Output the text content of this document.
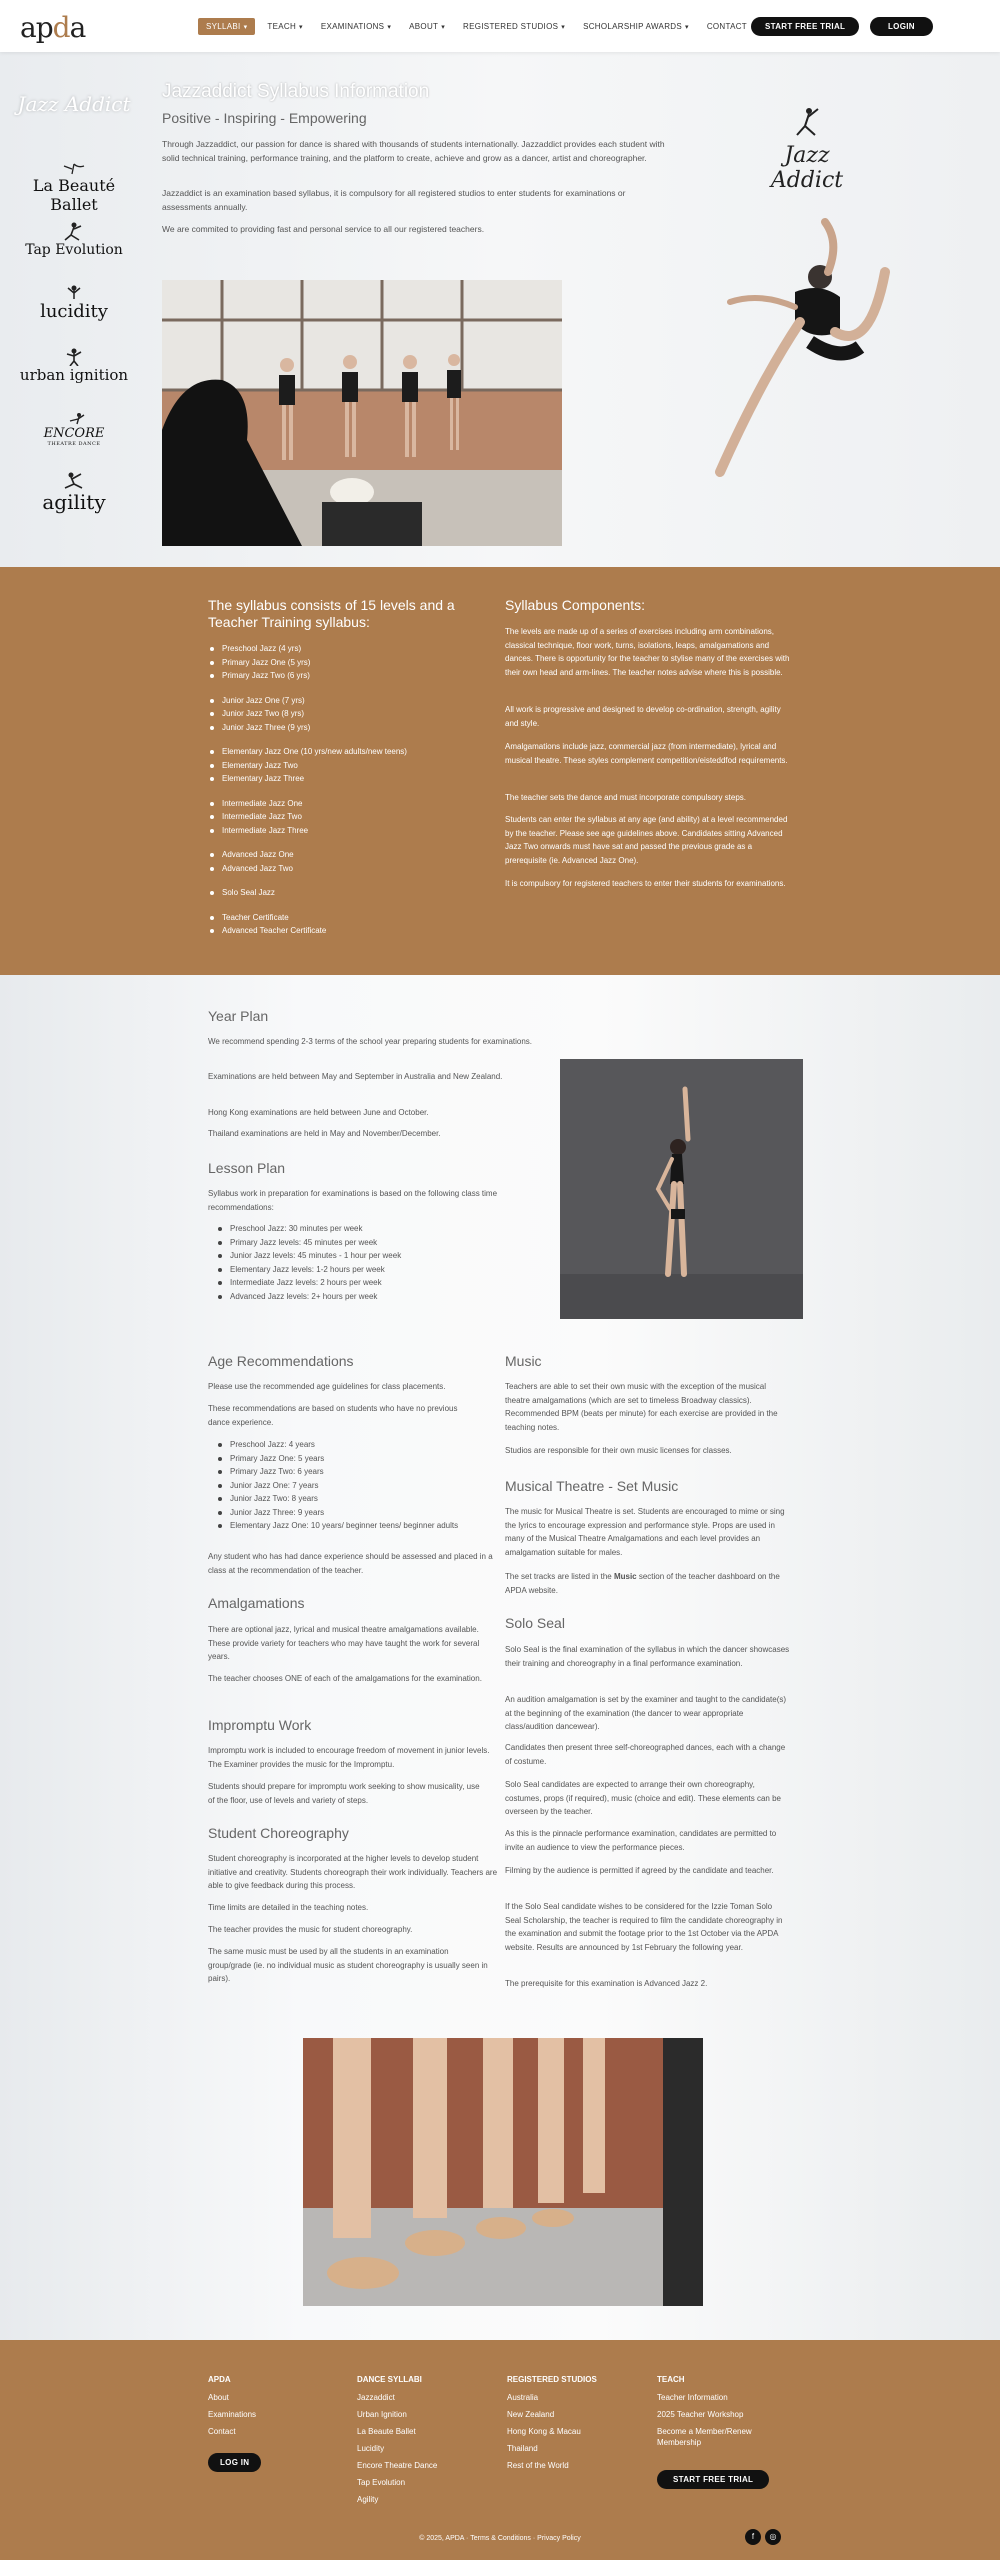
apda	SYLLABI ▾	TEACH ▾ EXAMINATIONS ▾ ABOUT ▾ REGISTERED STUDIOS ▾ SCHOLARSHIP AWARDS ▾ CONTACT	START FREE TRIAL	LOGIN
Jazz Addict
La Beauté Ballet
Tap Evolution
lucidity
urban ignition
ENCORE
THEATRE DANCE
agility
Jazzaddict Syllabus Information
Positive - Inspiring - Empowering

Through Jazzaddict, our passion for dance is shared with thousands of students internationally. Jazzaddict provides each student with solid technical training, performance training, and the platform to create, achieve and grow as a dancer, artist and choreographer.

Jazzaddict is an examination based syllabus, it is compulsory for all registered studios to enter students for examinations or assessments annually.

We are commited to providing fast and personal service to all our registered teachers.

Jazz Addict
The syllabus consists of 15 levels and a Teacher Training syllabus:
Preschool Jazz (4 yrs)
Primary Jazz One (5 yrs)
Primary Jazz Two (6 yrs)
Junior Jazz One (7 yrs)
Junior Jazz Two (8 yrs)
Junior Jazz Three (9 yrs)
Elementary Jazz One (10 yrs/new adults/new teens)
Elementary Jazz Two
Elementary Jazz Three
Intermediate Jazz One
Intermediate Jazz Two
Intermediate Jazz Three
Advanced Jazz One
Advanced Jazz Two
Solo Seal Jazz
Teacher Certificate
Advanced Teacher Certificate
Syllabus Components:

The levels are made up of a series of exercises including arm combinations, classical technique, floor work, turns, isolations, leaps, amalgamations and dances. There is opportunity for the teacher to stylise many of the exercises with their own head and arm-lines. The teacher notes advise where this is possible.

All work is progressive and designed to develop co-ordination, strength, agility and style.

Amalgamations include jazz, commercial jazz (from intermediate), lyrical and musical theatre. These styles complement competition/eisteddfod requirements.

The teacher sets the dance and must incorporate compulsory steps.

Students can enter the syllabus at any age (and ability) at a level recommended by the teacher. Please see age guidelines above. Candidates sitting Advanced Jazz Two onwards must have sat and passed the previous grade as a prerequisite (ie. Advanced Jazz One).

It is compulsory for registered teachers to enter their students for examinations.

Year Plan

We recommend spending 2-3 terms of the school year preparing students for examinations.

Examinations are held between May and September in Australia and New Zealand.

Hong Kong examinations are held between June and October.

Thailand examinations are held in May and November/December.

Lesson Plan

Syllabus work in preparation for examinations is based on the following class time recommendations:

Preschool Jazz: 30 minutes per week
Primary Jazz levels: 45 minutes per week
Junior Jazz levels: 45 minutes - 1 hour per week
Elementary Jazz levels: 1-2 hours per week
Intermediate Jazz levels: 2 hours per week
Advanced Jazz levels: 2+ hours per week
Age Recommendations

Please use the recommended age guidelines for class placements.

These recommendations are based on students who have no previous dance experience.

Preschool Jazz: 4 years
Primary Jazz One: 5 years
Primary Jazz Two: 6 years
Junior Jazz One: 7 years
Junior Jazz Two: 8 years
Junior Jazz Three: 9 years
Elementary Jazz One: 10 years/ beginner teens/ beginner adults

Any student who has had dance experience should be assessed and placed in a class at the recommendation of the teacher.

Amalgamations

There are optional jazz, lyrical and musical theatre amalgamations available. These provide variety for teachers who may have taught the work for several years.

The teacher chooses ONE of each of the amalgamations for the examination.

Impromptu Work

Impromptu work is included to encourage freedom of movement in junior levels. The Examiner provides the music for the Impromptu.

Students should prepare for impromptu work seeking to show musicality, use of the floor, use of levels and variety of steps.

Student Choreography

Student choreography is incorporated at the higher levels to develop student initiative and creativity. Students choreograph their work individually. Teachers are able to give feedback during this process.

Time limits are detailed in the teaching notes.

The teacher provides the music for student choreography.

The same music must be used by all the students in an examination group/grade (ie. no individual music as student choreography is usually seen in pairs).

Music

Teachers are able to set their own music with the exception of the musical theatre amalgamations (which are set to timeless Broadway classics). Recommended BPM (beats per minute) for each exercise are provided in the teaching notes.

Studios are responsible for their own music licenses for classes.

Musical Theatre - Set Music

The music for Musical Theatre is set. Students are encouraged to mime or sing the lyrics to encourage expression and performance style. Props are used in many of the Musical Theatre Amalgamations and each level provides an amalgamation suitable for males.

The set tracks are listed in the Music section of the teacher dashboard on the APDA website.

Solo Seal

Solo Seal is the final examination of the syllabus in which the dancer showcases their training and choreography in a final performance examination.

An audition amalgamation is set by the examiner and taught to the candidate(s) at the beginning of the examination (the dancer to wear appropriate class/audition dancewear).

Candidates then present three self-choreographed dances, each with a change of costume.

Solo Seal candidates are expected to arrange their own choreography, costumes, props (if required), music (choice and edit). These elements can be overseen by the teacher.

As this is the pinnacle performance examination, candidates are permitted to invite an audience to view the performance pieces.

Filming by the audience is permitted if agreed by the candidate and teacher.

If the Solo Seal candidate wishes to be considered for the Izzie Toman Solo Seal Scholarship, the teacher is required to film the candidate choreography in the examination and submit the footage prior to the 1st October via the APDA website. Results are announced by 1st February the following year.

The prerequisite for this examination is Advanced Jazz 2.

APDA
About
Examinations
Contact
LOG IN
DANCE SYLLABI
Jazzaddict
Urban Ignition
La Beaute Ballet
Lucidity
Encore Theatre Dance
Tap Evolution
Agility
REGISTERED STUDIOS
Australia
New Zealand
Hong Kong & Macau
Thailand
Rest of the World
TEACH
Teacher Information
2025 Teacher Workshop
Become a Member/Renew
Membership
START FREE TRIAL
© 2025, APDA · Terms & Conditions · Privacy Policy	f	◎
